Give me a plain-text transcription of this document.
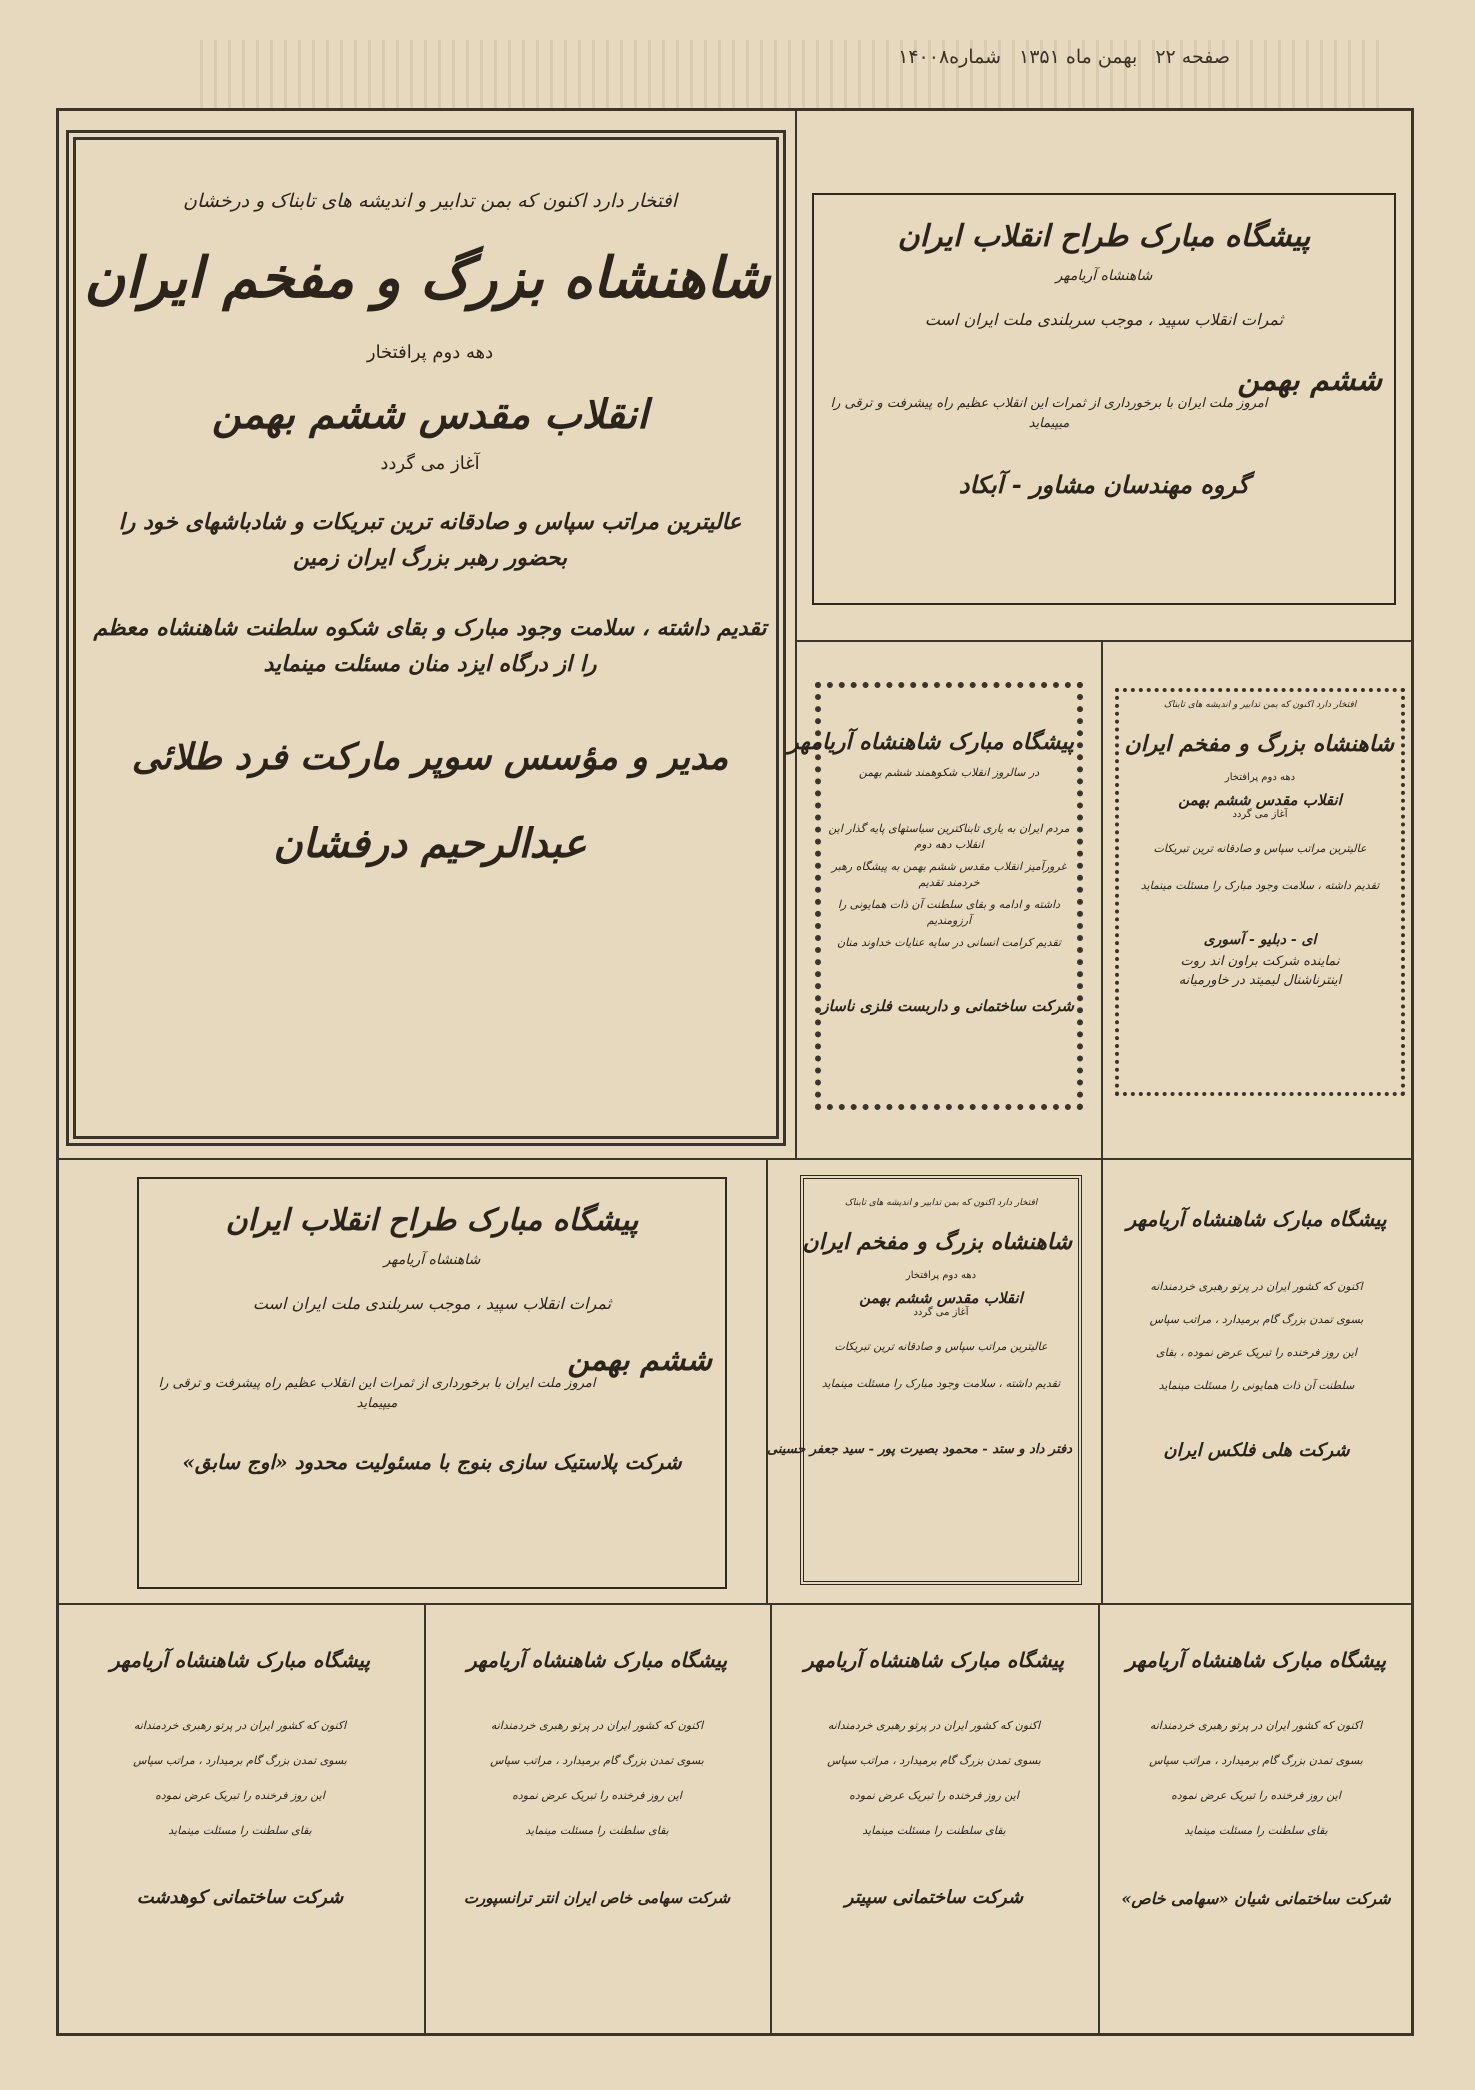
صفحه ۲۲
بهمن ماه ۱۳۵۱
شماره۱۴۰۰۸
افتخار دارد اکنون که بمن تدابیر و اندیشه های تابناک و درخشان
شاهنشاه بزرگ و مفخم ایران
دهه دوم پرافتخار
انقلاب مقدس ششم بهمن
آغاز می گردد
عالیترین مراتب سپاس و صادقانه ترین تبریکات و شادباشهای خود را بحضور رهبر بزرگ ایران زمین
تقدیم داشته ، سلامت وجود مبارک و بقای شکوه سلطنت شاهنشاه معظم را از درگاه ایزد منان مسئلت مینماید
مدیر و مؤسس سوپر مارکت فرد طلائی
عبدالرحیم درفشان
پیشگاه مبارک طراح انقلاب ایران
شاهنشاه آریامهر
ثمرات انقلاب سپید ، موجب سربلندی ملت ایران است
ششم بهمن
امروز ملت ایران با برخورداری از ثمرات این انقلاب عظیم راه پیشرفت و ترقی را میپیماید
گروه مهندسان مشاور - آبکاد
پیشگاه مبارک شاهنشاه آریامهر
در سالروز انقلاب شکوهمند ششم بهمن
مردم ایران به یاری تابناکترین سیاستهای پایه گذار این انقلاب دهه دوم
غرورآمیز انقلاب مقدس ششم بهمن به پیشگاه رهبر خردمند تقدیم
داشته و ادامه و بقای سلطنت آن ذات همایونی را آرزومندیم
تقدیم کرامت انسانی در سایه عنایات خداوند منان
شرکت ساختمانی و داربست فلزی ناساز
افتخار دارد اکنون که بمن تدابیر و اندیشه های تابناک
شاهنشاه بزرگ و مفخم ایران
دهه دوم پرافتخار
انقلاب مقدس ششم بهمن
آغاز می گردد
عالیترین مراتب سپاس و صادقانه ترین تبریکات
تقدیم داشته ، سلامت وجود مبارک را مسئلت مینماید
ای - دبلیو - آسوری
نماینده شرکت براون اند روت
اینترناشنال لیمیتد در خاورمیانه
پیشگاه مبارک طراح انقلاب ایران
شاهنشاه آریامهر
ثمرات انقلاب سپید ، موجب سربلندی ملت ایران است
ششم بهمن
امروز ملت ایران با برخورداری از ثمرات این انقلاب عظیم راه پیشرفت و ترقی را میپیماید
شرکت پلاستیک سازی بنوج با مسئولیت محدود «اوج سابق»
افتخار دارد اکنون که بمن تدابیر و اندیشه های تابناک
شاهنشاه بزرگ و مفخم ایران
دهه دوم پرافتخار
انقلاب مقدس ششم بهمن
آغاز می گردد
عالیترین مراتب سپاس و صادقانه ترین تبریکات
تقدیم داشته ، سلامت وجود مبارک را مسئلت مینماید
دفتر داد و ستد - محمود بصیرت پور - سید جعفر حسینی
پیشگاه مبارک شاهنشاه آریامهر
اکنون که کشور ایران در پرتو رهبری خردمندانه
بسوی تمدن بزرگ گام برمیدارد ، مراتب سپاس
این روز فرخنده را تبریک عرض نموده ، بقای
سلطنت آن ذات همایونی را مسئلت مینماید
شرکت هلی فلکس ایران
پیشگاه مبارک شاهنشاه آریامهر
اکنون که کشور ایران در پرتو رهبری خردمندانه
بسوی تمدن بزرگ گام برمیدارد ، مراتب سپاس
این روز فرخنده را تبریک عرض نموده
بقای سلطنت را مسئلت مینماید
شرکت ساختمانی شیان «سهامی خاص»
پیشگاه مبارک شاهنشاه آریامهر
اکنون که کشور ایران در پرتو رهبری خردمندانه
بسوی تمدن بزرگ گام برمیدارد ، مراتب سپاس
این روز فرخنده را تبریک عرض نموده
بقای سلطنت را مسئلت مینماید
شرکت ساختمانی سپیتر
پیشگاه مبارک شاهنشاه آریامهر
اکنون که کشور ایران در پرتو رهبری خردمندانه
بسوی تمدن بزرگ گام برمیدارد ، مراتب سپاس
این روز فرخنده را تبریک عرض نموده
بقای سلطنت را مسئلت مینماید
شرکت سهامی خاص ایران انتر ترانسپورت
پیشگاه مبارک شاهنشاه آریامهر
اکنون که کشور ایران در پرتو رهبری خردمندانه
بسوی تمدن بزرگ گام برمیدارد ، مراتب سپاس
این روز فرخنده را تبریک عرض نموده
بقای سلطنت را مسئلت مینماید
شرکت ساختمانی کوهدشت
